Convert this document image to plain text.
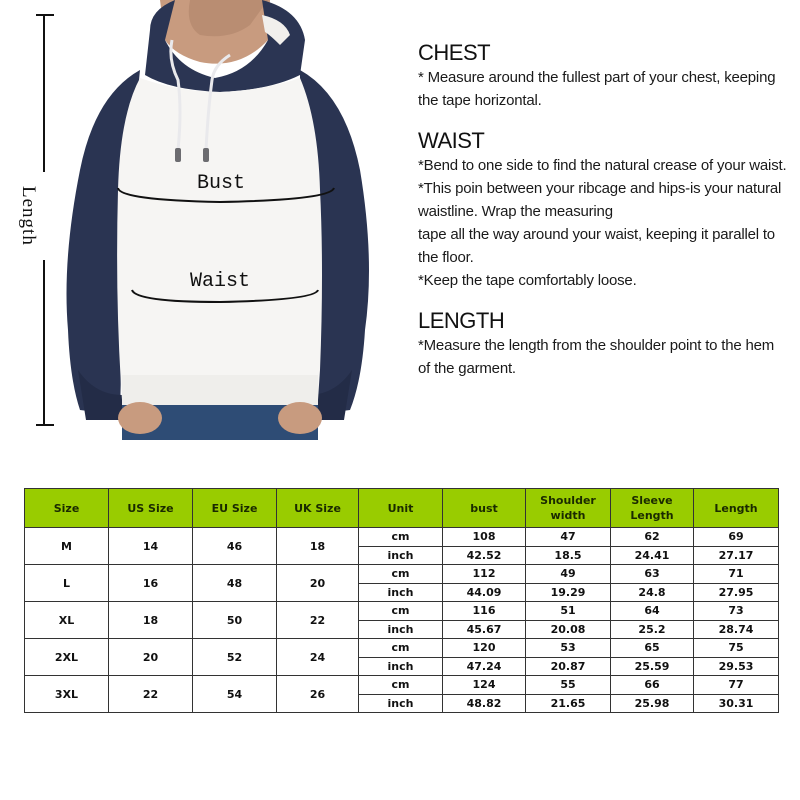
Length
Bust
Waist
CHEST

* Measure around the fullest part of your chest, keeping the tape horizontal.

WAIST

*Bend to one side to find the natural crease of your waist.

*This poin between your ribcage and hips-is your natural waistline. Wrap the measuring

tape all the way around your waist, keeping it parallel to the floor.

*Keep the tape comfortably loose.

LENGTH

*Measure the length from the shoulder point to the hem of the garment.

Size	US Size	EU Size	UK Size	Unit	bust	Shoulder width	Sleeve Length	Length
M	14	46	18	cm	108	47	62	69
				inch	42.52	18.5	24.41	27.17
L	16	48	20	cm	112	49	63	71
				inch	44.09	19.29	24.8	27.95
XL	18	50	22	cm	116	51	64	73
				inch	45.67	20.08	25.2	28.74
2XL	20	52	24	cm	120	53	65	75
				inch	47.24	20.87	25.59	29.53
3XL	22	54	26	cm	124	55	66	77
				inch	48.82	21.65	25.98	30.31
